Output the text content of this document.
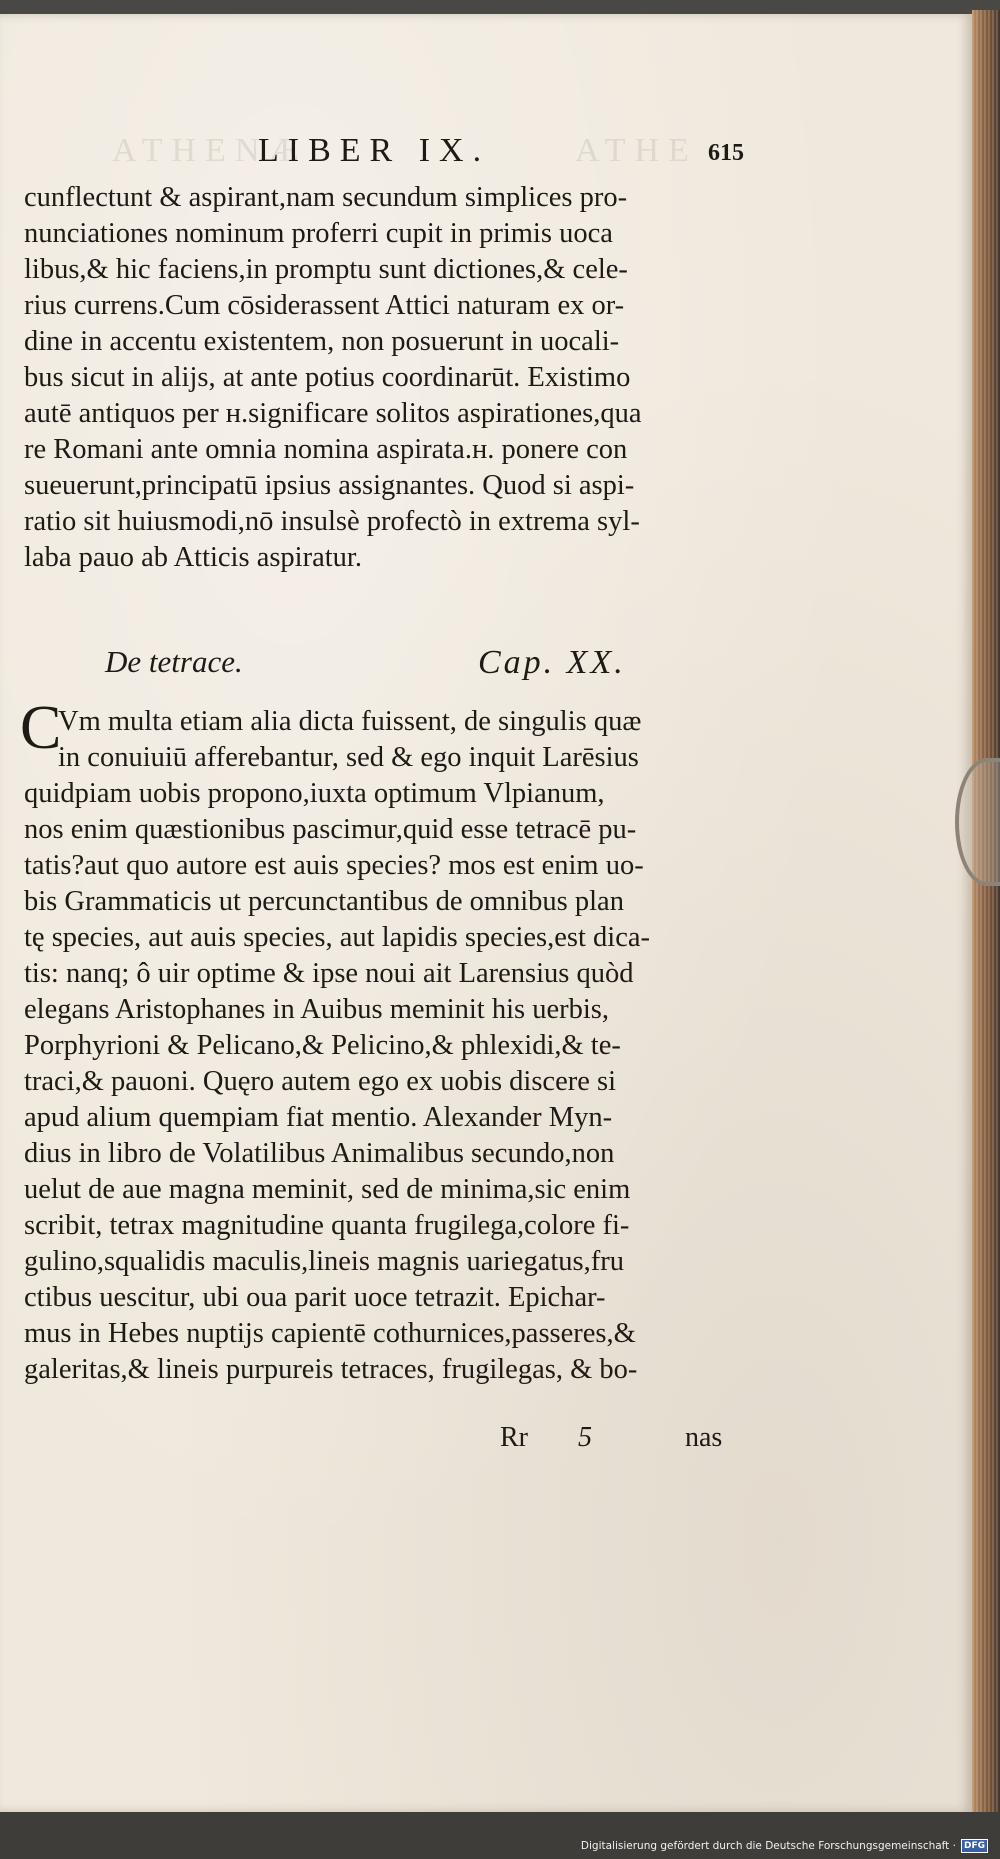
ATHENÆ	ATHE
LIBER IX.	615
cunflectunt & aspirant,nam secundum simplices pro-
nunciationes nominum proferri cupit in primis uoca
libus,& hic faciens,in promptu sunt dictiones,& cele-
rius currens.Cum cōsiderassent Attici naturam ex or-
dine in accentu existentem, non posuerunt in uocali-
bus sicut in alijs, at ante potius coordinarūt. Existimo
autē antiquos per ʜ.significare solitos aspirationes,qua
re Romani ante omnia nomina aspirata.ʜ. ponere con
sueuerunt,principatū ipsius assignantes. Quod si aspi-
ratio sit huiusmodi,nō insulsè profectò in extrema syl-
laba pauo ab Atticis aspiratur.
De tetrace.	Cap. XX.
C
Vm multa etiam alia dicta fuissent, de singulis quæ
in conuiuiū afferebantur, sed & ego inquit Larēsius
quidpiam uobis propono,iuxta optimum Vlpianum,
nos enim quæstionibus pascimur,quid esse tetracē pu-
tatis?aut quo autore est auis species? mos est enim uo-
bis Grammaticis ut percunctantibus de omnibus plan
tę species, aut auis species, aut lapidis species,est dica-
tis: nanq; ô uir optime & ipse noui ait Larensius quòd
elegans Aristophanes in Auibus meminit his uerbis,
Porphyrioni & Pelicano,& Pelicino,& phlexidi,& te-
traci,& pauoni. Quęro autem ego ex uobis discere si
apud alium quempiam fiat mentio. Alexander Myn-
dius in libro de Volatilibus Animalibus secundo,non
uelut de aue magna meminit, sed de minima,sic enim
scribit, tetrax magnitudine quanta frugilega,colore fi-
gulino,squalidis maculis,lineis magnis uariegatus,fru
ctibus uescitur, ubi oua parit uoce tetrazit. Epichar-
mus in Hebes nuptijs capientē cothurnices,passeres,&
galeritas,& lineis purpureis tetraces, frugilegas, & bo-
Rr 5	nas
Digitalisierung gefördert durch die Deutsche Forschungsgemeinschaft · DFG
